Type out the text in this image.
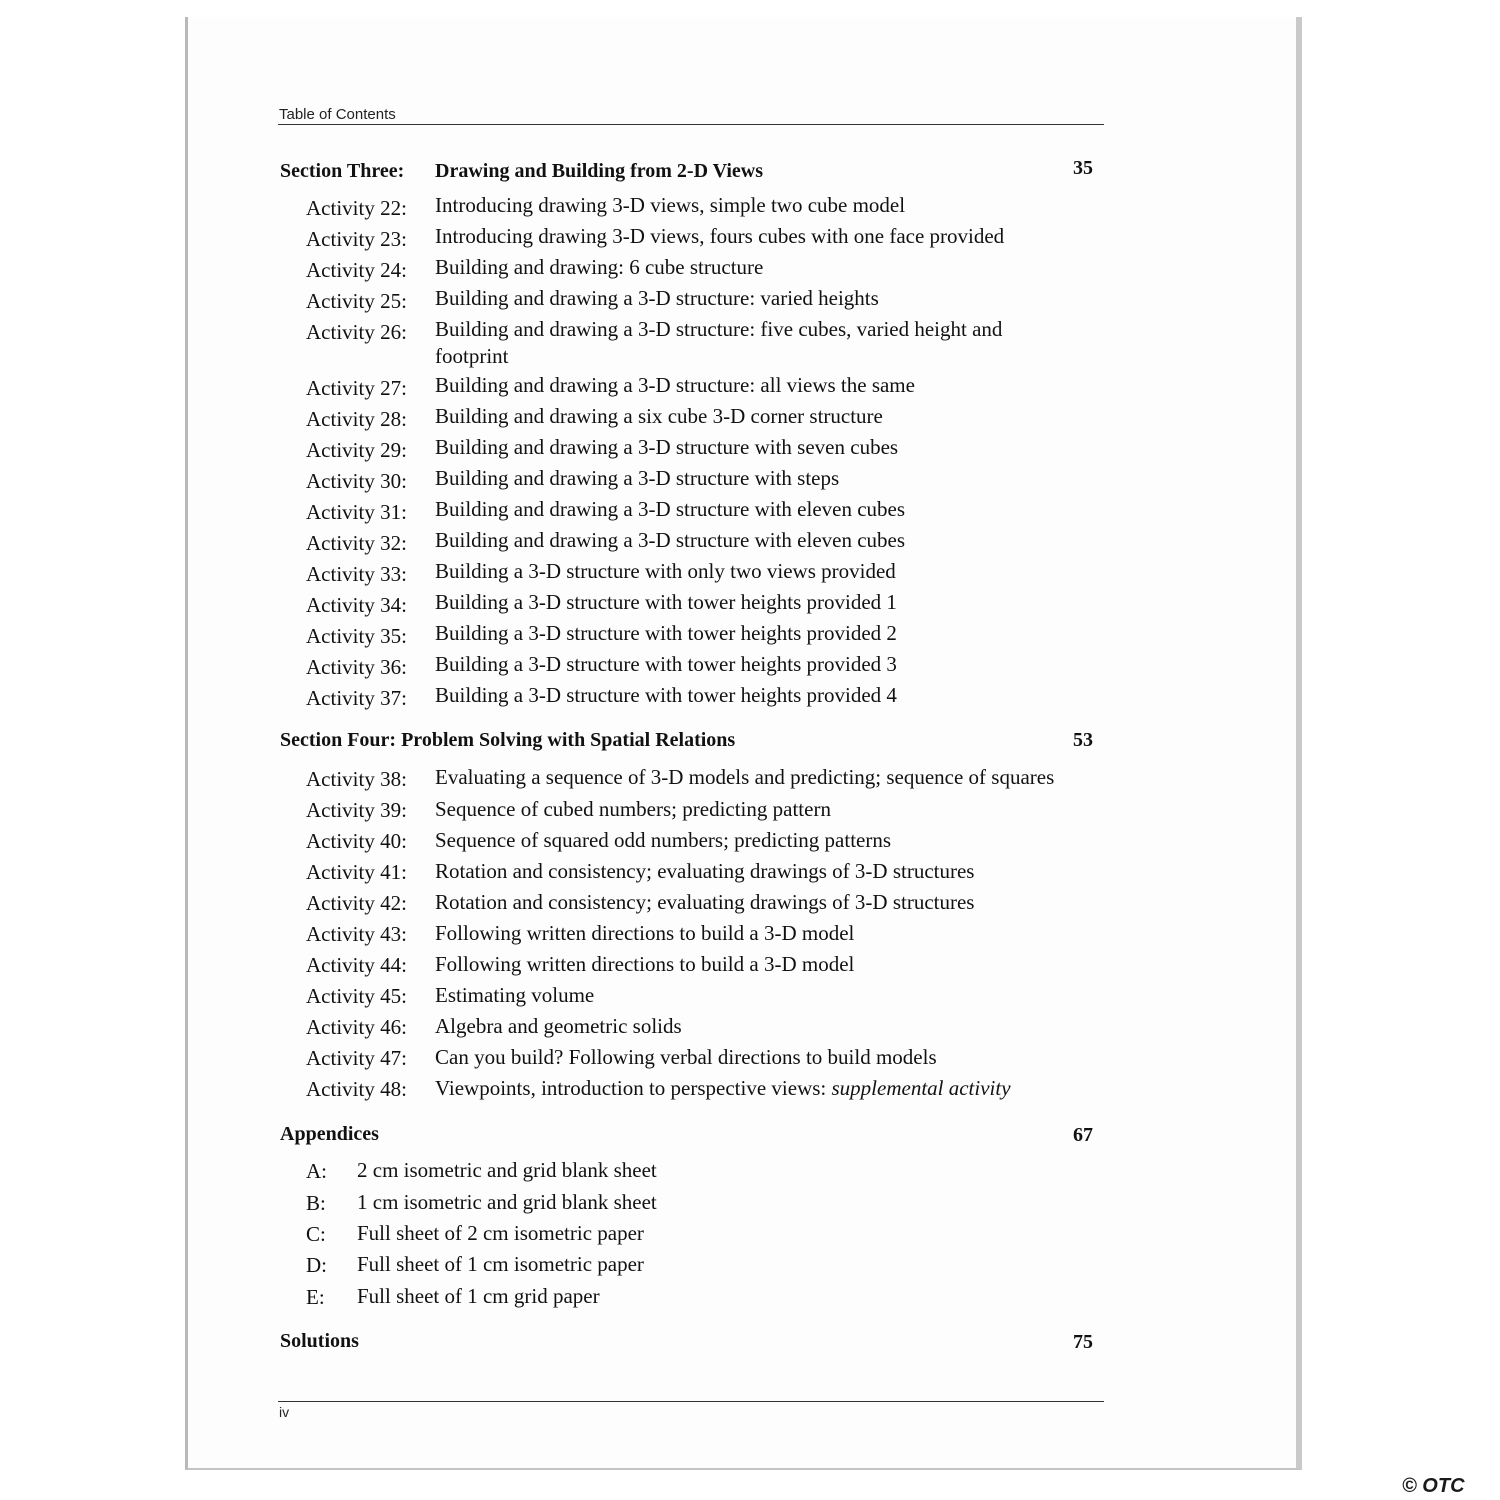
Table of Contents
Section Three: Drawing and Building from 2-D Views	35
Activity 22: Introducing drawing 3-D views, simple two cube model
Activity 23: Introducing drawing 3-D views, fours cubes with one face provided
Activity 24: Building and drawing: 6 cube structure
Activity 25: Building and drawing a 3-D structure: varied heights
Activity 26: Building and drawing a 3-D structure: five cubes, varied height and footprint
Activity 27: Building and drawing a 3-D structure: all views the same
Activity 28: Building and drawing a six cube 3-D corner structure
Activity 29: Building and drawing a 3-D structure with seven cubes
Activity 30: Building and drawing a 3-D structure with steps
Activity 31: Building and drawing a 3-D structure with eleven cubes
Activity 32: Building and drawing a 3-D structure with eleven cubes
Activity 33: Building a 3-D structure with only two views provided
Activity 34: Building a 3-D structure with tower heights provided 1
Activity 35: Building a 3-D structure with tower heights provided 2
Activity 36: Building a 3-D structure with tower heights provided 3
Activity 37: Building a 3-D structure with tower heights provided 4
Section Four: Problem Solving with Spatial Relations	53
Activity 38: Evaluating a sequence of 3-D models and predicting; sequence of squares
Activity 39: Sequence of cubed numbers; predicting pattern
Activity 40: Sequence of squared odd numbers; predicting patterns
Activity 41: Rotation and consistency; evaluating drawings of 3-D structures
Activity 42: Rotation and consistency; evaluating drawings of 3-D structures
Activity 43: Following written directions to build a 3-D model
Activity 44: Following written directions to build a 3-D model
Activity 45: Estimating volume
Activity 46: Algebra and geometric solids
Activity 47: Can you build? Following verbal directions to build models
Activity 48: Viewpoints, introduction to perspective views: supplemental activity
Appendices	67
A: 2 cm isometric and grid blank sheet
B: 1 cm isometric and grid blank sheet
C: Full sheet of 2 cm isometric paper
D: Full sheet of 1 cm isometric paper
E: Full sheet of 1 cm grid paper
Solutions	75
iv
© OTC
